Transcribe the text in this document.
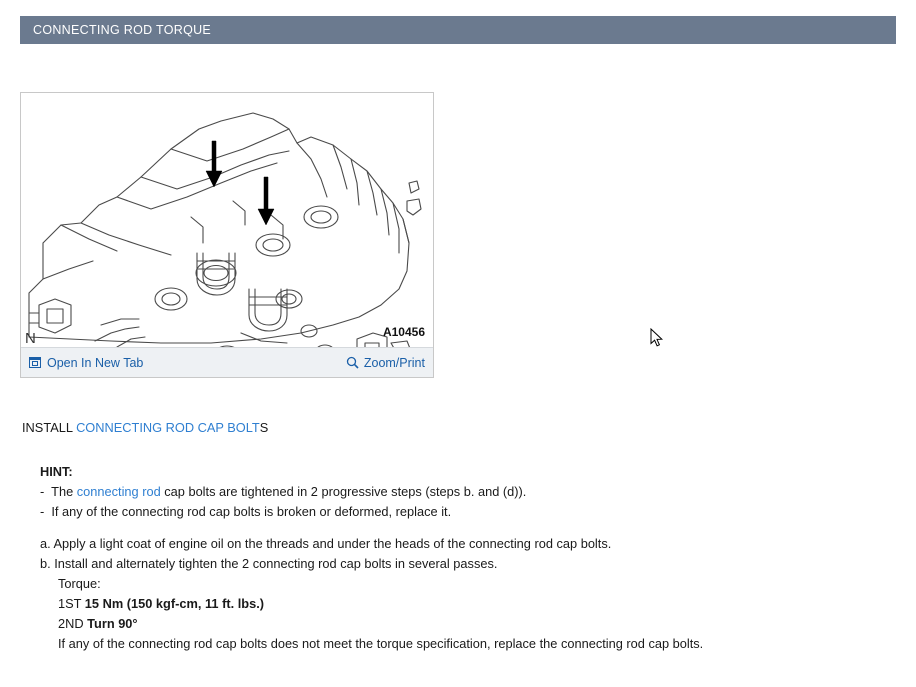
CONNECTING ROD TORQUE
N	A10456
Open In New Tab	Zoom/Print
INSTALL CONNECTING ROD CAP BOLTS
HINT:
-  The connecting rod cap bolts are tightened in 2 progressive steps (steps b. and (d)).
-  If any of the connecting rod cap bolts is broken or deformed, replace it.
a. Apply a light coat of engine oil on the threads and under the heads of the connecting rod cap bolts.
b. Install and alternately tighten the 2 connecting rod cap bolts in several passes.
Torque:
1ST 15 Nm (150 kgf-cm, 11 ft. lbs.)
2ND Turn 90°
If any of the connecting rod cap bolts does not meet the torque specification, replace the connecting rod cap bolts.
